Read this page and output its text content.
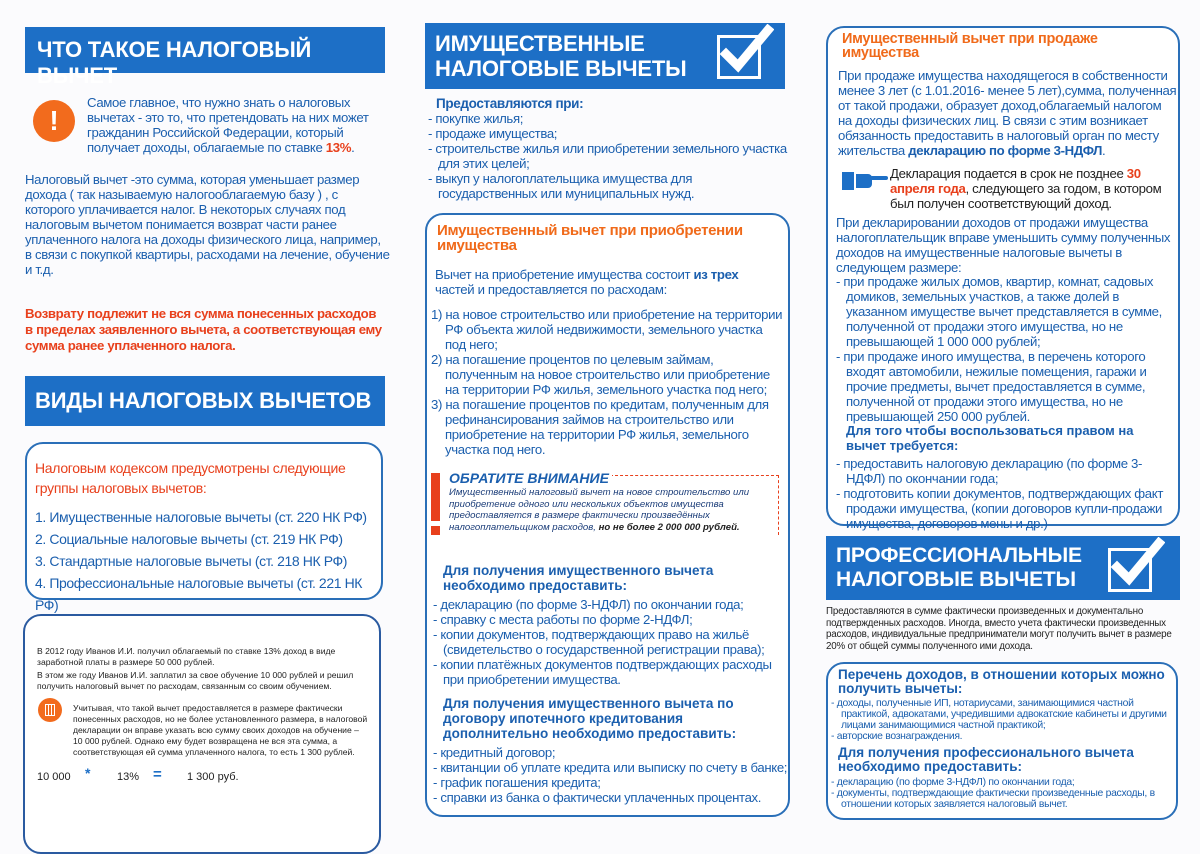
ЧТО ТАКОЕ НАЛОГОВЫЙ ВЫЧЕТ
!

Самое главное, что нужно знать о налоговых вычетах - это то, что претендовать на них может гражданин Российской Федерации, который получает доходы, облагаемые по ставке 13%.

Налоговый вычет -это сумма, которая уменьшает размер дохода ( так называемую налогооблагаемую базу ) , с которого уплачивается налог. В некоторых случаях под налоговым вычетом понимается возврат части ранее уплаченного налога на доходы физического лица, например, в связи с покупкой квартиры, расходами на лечение, обучение и т.д.

Возврату подлежит не вся сумма понесенных расходов в пределах заявленного вычета, а соответствующая ему сумма ранее уплаченного налога.

ВИДЫ НАЛОГОВЫХ ВЫЧЕТОВ

Налоговым кодексом предусмотрены следующие группы налоговых вычетов:

1. Имущественные налоговые вычеты (ст. 220 НК РФ)
2. Социальные налоговые вычеты (ст. 219 НК РФ)
3. Стандартные налоговые вычеты (ст. 218 НК РФ)
4. Профессиональные налоговые вычеты (ст. 221 НК РФ)

В 2012 году Иванов И.И. получил облагаемый по ставке 13% доход в виде заработной платы в размере 50 000 рублей.

В этом же году Иванов И.И. заплатил за свое обучение 10 000 рублей и решил получить налоговый вычет по расходам, связанным со своим обучением.

Учитывая, что такой вычет предоставляется в размере фактически понесенных расходов, но не более установленного размера, в налоговой декларации он вправе указать всю сумму своих доходов на обучение – 10 000 рублей. Однако ему будет возвращена не вся эта сумма, а соответствующая ей сумма уплаченного налога, то есть 1 300 рублей.

10 000 * 13% = 1 300 руб.
ИМУЩЕСТВЕННЫЕ
НАЛОГОВЫЕ ВЫЧЕТЫ

Предоставляются при:

- покупке жилья;
- продаже имущества;
- строительстве жилья или приобретении земельного участка для этих целей;
- выкуп у налогоплательщика имущества для государственных или муниципальных нужд.

Имущественный вычет при приобретении имущества

Вычет на приобретение имущества состоит из трех частей и предоставляется по расходам:

1) на новое строительство или приобретение на территории РФ объекта жилой недвижимости, земельного участка под него;
2) на погашение процентов по целевым займам, полученным на новое строительство или приобретение на территории РФ жилья, земельного участка под него;
3) на погашение процентов по кредитам, полученным для рефинансирования займов на строительство или приобретение на территории РФ жилья, земельного участка под него.

ОБРАТИТЕ ВНИМАНИЕ

Имущественный налоговый вычет на новое строительство или приобретение одного или нескольких объектов имущества предоставляется в размере фактически произведённых налогоплательщиком расходов, но не более 2 000 000 рублей.

Для получения имущественного вычета необходимо предоставить:

- декларацию (по форме 3-НДФЛ) по окончании года;
- справку с места работы по форме 2-НДФЛ;
- копии документов, подтверждающих право на жильё (свидетельство о государственной регистрации права);
- копии платёжных документов подтверждающих расходы при приобретении имущества.

Для получения имущественного вычета по договору ипотечного кредитования дополнительно необходимо предоставить:

- кредитный договор;
- квитанции об уплате кредита или выписку по счету в банке;
- график погашения кредита;
- справки из банка о фактически уплаченных процентах.

Имущественный вычет при продаже имущества

При продаже имущества находящегося в собственности менее 3 лет (с 1.01.2016- менее 5 лет),сумма, полученная от такой продажи, образует доход,облагаемый налогом на доходы физических лиц. В связи с этим возникает обязанность предоставить в налоговый орган по месту жительства декларацию по форме 3-НДФЛ.

Декларация подается в срок не позднее 30 апреля года, следующего за годом, в котором был получен соответствующий доход.

При декларировании доходов от продажи имущества налогоплательщик вправе уменьшить сумму полученных доходов на имущественные налоговые вычеты в следующем размере:

- при продаже жилых домов, квартир, комнат, садовых домиков, земельных участков, а также долей в указанном имуществе вычет представляется в сумме, полученной от продажи этого имущества, но не превышающей 1 000 000 рублей;
- при продаже иного имущества, в перечень которого входят автомобили, нежилые помещения, гаражи и прочие предметы, вычет предоставляется в сумме, полученной от продажи этого имущества, но не превышающей 250 000 рублей.

Для того чтобы воспользоваться правом на вычет требуется:

- предоставить налоговую декларацию (по форме 3-НДФЛ) по окончании года;
- подготовить копии документов, подтверждающих факт продажи имущества, (копии договоров купли-продажи имущества, договоров мены и др.)
ПРОФЕССИОНАЛЬНЫЕ
НАЛОГОВЫЕ ВЫЧЕТЫ

Предоставляются в сумме фактически произведенных и документально подтвержденных расходов. Иногда, вместо учета фактически произведенных расходов, индивидуальные предприниматели могут получить вычет в размере 20% от общей суммы полученного ими дохода.

Перечень доходов, в отношении которых можно получить вычеты:

- доходы, полученные ИП, нотариусами, занимающимися частной практикой, адвокатами, учредившими адвокатские кабинеты и другими лицами занимающимися частной практикой;
- авторские вознаграждения.

Для получения профессионального вычета необходимо предоставить:

- декларацию (по форме 3-НДФЛ) по окончании года;
- документы, подтверждающие фактически произведенные расходы, в отношении которых заявляется налоговый вычет.
